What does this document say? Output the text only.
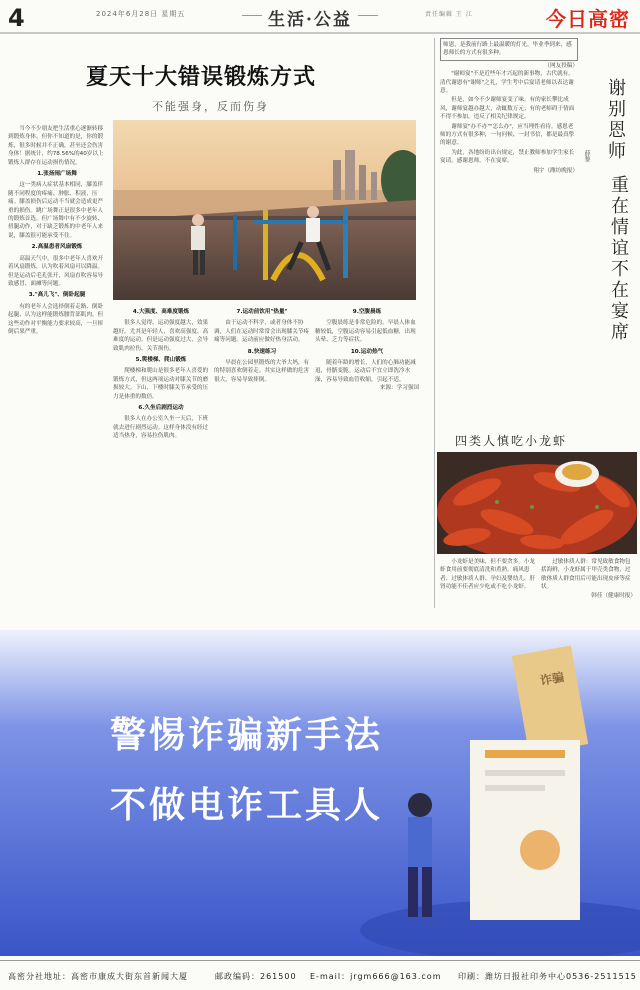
4	2024年6月28日 星期五	生活·公益	责任编辑 王 江	今日高密
夏天十大错误锻炼方式
不能强身，反而伤身

当今不少朋友把生活重心逐渐转移到锻炼身体。但你不知道的是，你的锻炼，很多时候并不正确，甚至还会伤害身体！据统计，约78.56%的40岁以上锻炼人群存在运动损伤情况。

1.张扬闹广场舞

这一类病人症状基本相同，膝盖伴随不同程度的疼痛、肿胀、积液，压痛。膝盖损伤后运动不当就会造成更严重的损伤。跳广场舞正是很多中老年人的锻炼首选。但广场舞中有不少旋转、扭腿动作，对于缺乏锻炼的中老年人来说，膝盖很可能承受不住。

2.高温患者风扇锻炼

高温天气中，很多中老年人喜欢开着风扇锻炼，认为吹着风扇可以降温。但是运动后毛孔张开，风扇直吹容易导致感冒、面瘫等问题。

3."高儿飞"、倒卧起腿

有的老年人会选择倒着走路、倒卧起腿，认为这样能锻炼腰背部肌肉。但这些动作对平衡能力要求较高，一旦摔倒后果严重。

4.大强度、高难度锻炼

很多人觉得，运动强度越大，效果越好。尤其是年轻人，喜欢高强度、高难度的运动。但是运动强度过大，会导致肌肉拉伤、关节损伤。

5.爬楼梯、爬山锻炼

爬楼梯和爬山是很多老年人喜爱的锻炼方式，但这两项运动对膝关节的磨损较大。下山、下楼时膝关节承受的压力是体重的数倍。

6.久坐后剧烈运动

很多人在办公室久坐一天后，下班就去进行剧烈运动。这样身体没有经过适当热身，容易拉伤肌肉。

7.运动前饮用"热量"

由于运动不科学，或者身体不协调，人们在运动时常常会出现膝关节疼痛等问题。运动前应做好热身活动。

8.快速练习

早晨在公园里锻炼的大爷大妈，有的特别喜欢倒着走。其实这样做的危害很大，容易导致摔倒。

9.空腹晨练

空腹晨练是非常危险的。早晨人体血糖较低，空腹运动容易引起低血糖，出现头晕、乏力等症状。

10.运动热气

随着年龄的增长，人们的心肺功能减退，骨骼变脆。运动后不宜立即洗冷水澡，容易导致血管收缩，引起不适。

来源：学习强国

师恩，是我前行路上最温暖的灯光。毕业季到来，感恩师长的方式有很多种。

（网友投稿）

"谢师宴"不是近些年才兴起的新事物，古代就有。清代谢恩有"谢师"之礼，学生考中后宴请老师以表达谢意。

但是，如今不少谢师宴变了味。有的家长攀比成风，谢师宴越办越大，动辄数万元；有的老师碍于情面不得不参加，违反了相关纪律规定。

谢师宴"办不办""怎么办"，应当理性看待。感恩老师的方式有很多种，一句问候、一封书信，都是最真挚的谢意。

为此，各地纷纷出台规定，禁止教师参加学生家长宴请。感谢恩师，不在宴席。

翔宇（潍坊晚报）
谢别恩师
薛黎
重在情谊不在宴席
四类人慎吃小龙虾

小龙虾是美味，但不要贪多。小龙虾食用前要彻底清洗和煮熟。痛风患者、过敏体质人群、孕妇及婴幼儿、肝肾功能不佳者应少吃或不吃小龙虾。

过敏体质人群：常见致敏食物包括海鲜，小龙虾属于甲壳类食物，过敏体质人群食用后可能出现皮疹等症状。

韩佳（健康时报）

警惕诈骗新手法
不做电诈工具人
诈骗
高密分社地址：高密市康成大街东首新闻大厦	邮政编码：261500 E-mail：jrgm666@163.com 印刷：潍坊日报社印务中心0536-2511515
